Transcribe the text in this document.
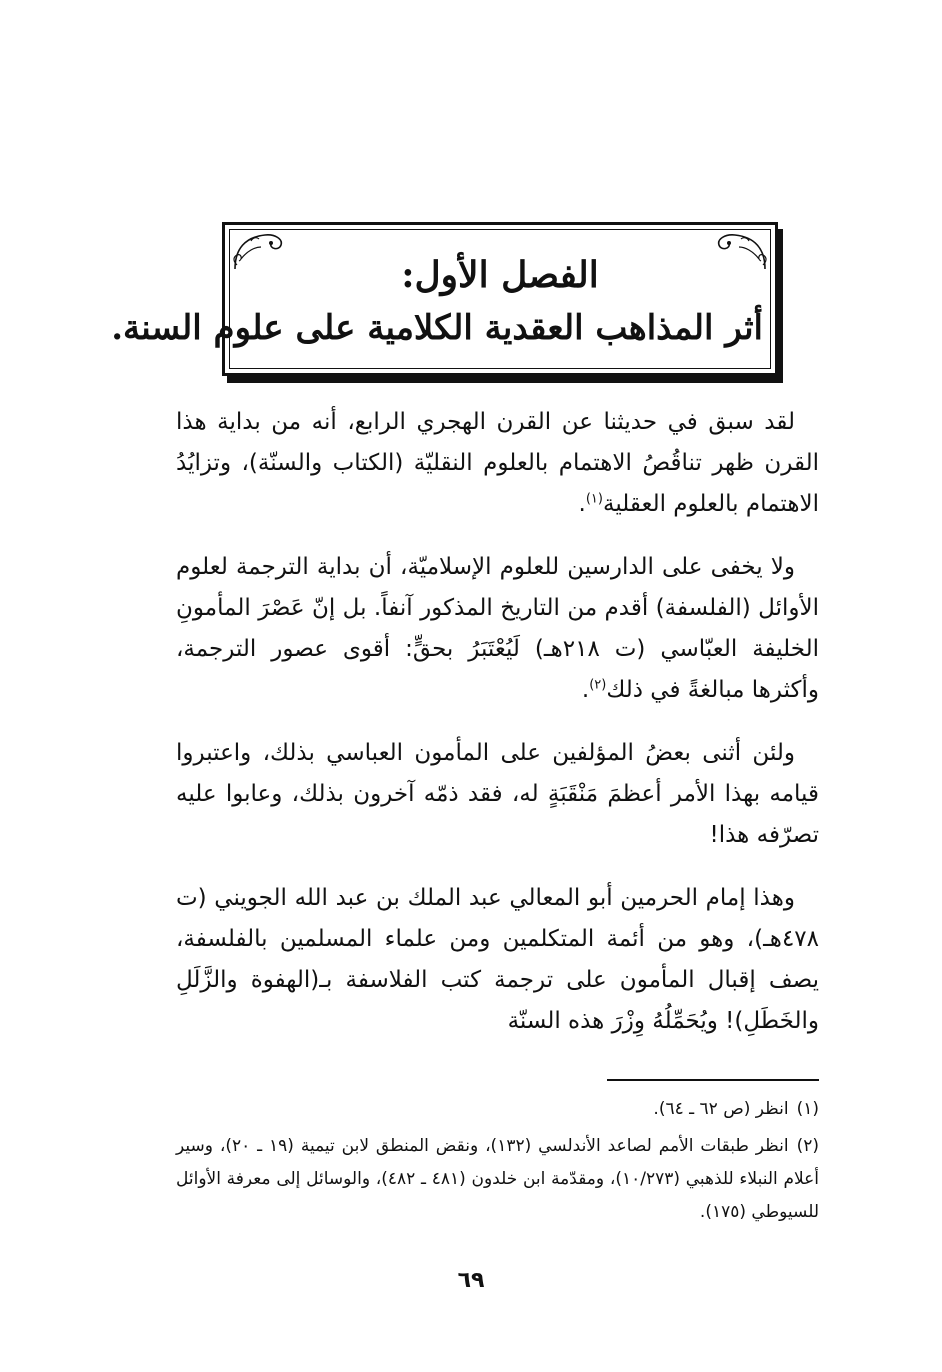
الفصل الأول:
أثر المذاهب العقدية الكلامية على علوم السنة.

لقد سبق في حديثنا عن القرن الهجري الرابع، أنه من بداية هذا القرن ظهر تناقُصُ الاهتمام بالعلوم النقليّة (الكتاب والسنّة)، وتزايُدُ الاهتمام بالعلوم العقلية$^{(١)}$.

ولا يخفى على الدارسين للعلوم الإسلاميّة، أن بداية الترجمة لعلوم الأوائل (الفلسفة) أقدم من التاريخ المذكور آنفاً. بل إنّ عَصْرَ المأمونِ الخليفة العبّاسي (ت ٢١٨هـ) لَيُعْتَبَرُ بحقٍّ: أقوى عصور الترجمة، وأكثرها مبالغةً في ذلك$^{(٢)}$.

ولئن أثنى بعضُ المؤلفين على المأمون العباسي بذلك، واعتبروا قيامه بهذا الأمر أعظمَ مَنْقَبَةٍ له، فقد ذمّه آخرون بذلك، وعابوا عليه تصرّفه هذا!

وهذا إمام الحرمين أبو المعالي عبد الملك بن عبد الله الجويني (ت ٤٧٨هـ)، وهو من أئمة المتكلمين ومن علماء المسلمين بالفلسفة، يصف إقبال المأمون على ترجمة كتب الفلاسفة بـ(الهفوة والزَّلَلِ والخَطَلِ)! ويُحَمِّلُهُ وِزْرَ هذه السنّة

(١)انظر (ص ٦٢ ـ ٦٤).

(٢)انظر طبقات الأمم لصاعد الأندلسي (١٣٢)، ونقض المنطق لابن تيمية (١٩ ـ ٢٠)، وسير أعلام النبلاء للذهبي (١٠/٢٧٣)، ومقدّمة ابن خلدون (٤٨١ ـ ٤٨٢)، والوسائل إلى معرفة الأوائل للسيوطي (١٧٥).

٦٩
